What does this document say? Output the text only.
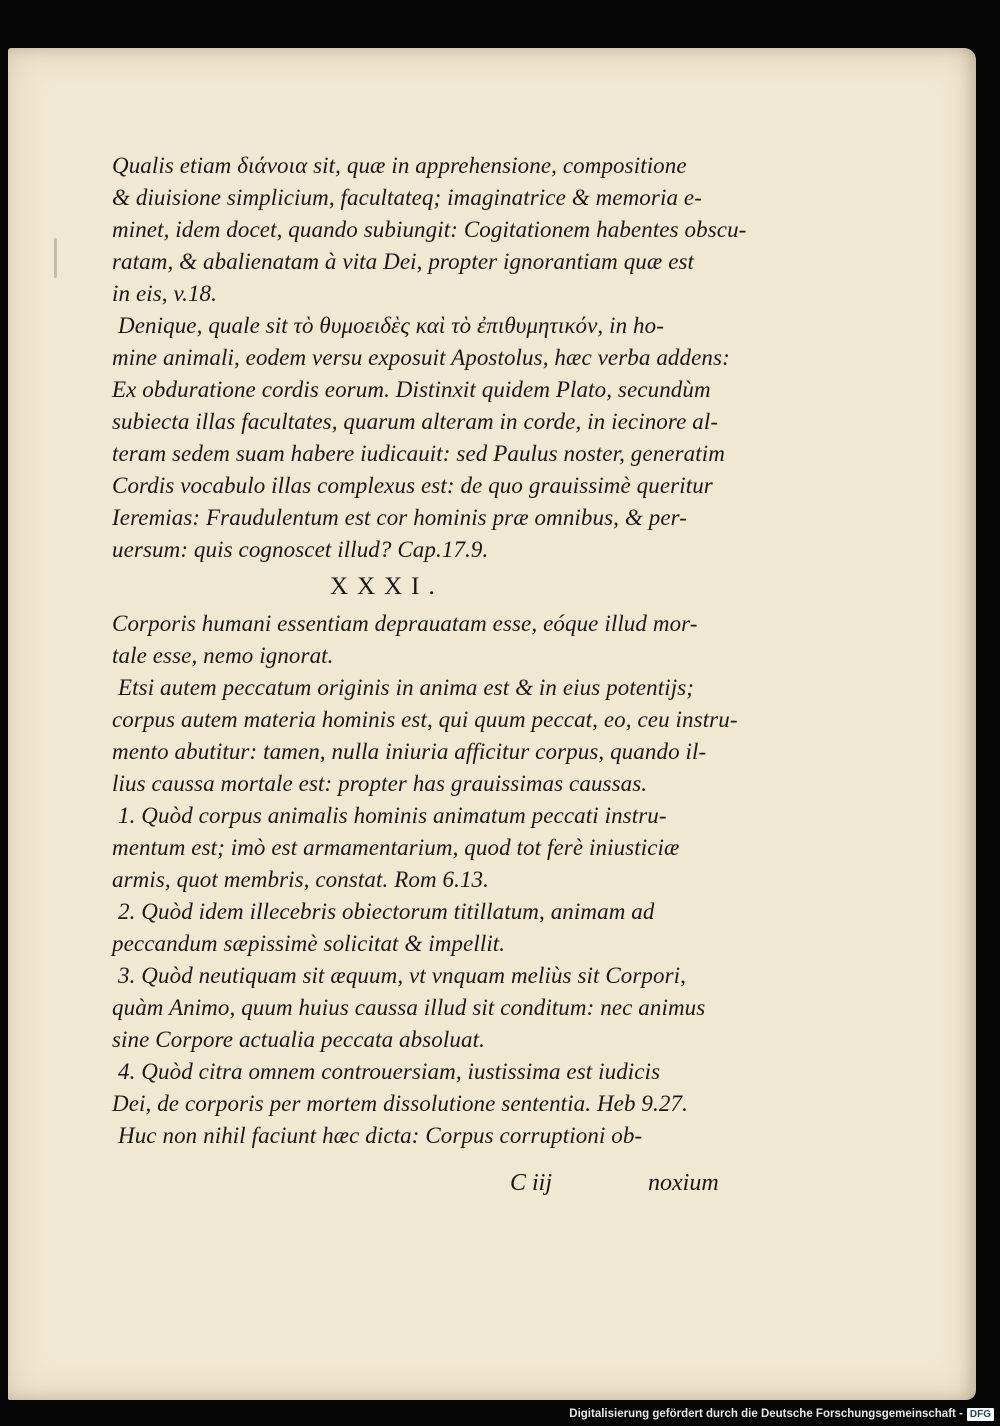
Qualis etiam διάνοια sit, quæ in apprehensione, compositione
& diuisione simplicium, facultateq; imaginatrice & memoria e-
minet, idem docet, quando subiungit: Cogitationem habentes obscu-
ratam, & abalienatam à vita Dei, propter ignorantiam quæ est
in eis, v.18.
Denique, quale sit τὸ θυμοειδὲς καὶ τὸ ἐπιθυμητικόν, in ho-
mine animali, eodem versu exposuit Apostolus, hæc verba addens:
Ex obduratione cordis eorum. Distinxit quidem Plato, secundùm
subiecta illas facultates, quarum alteram in corde, in iecinore al-
teram sedem suam habere iudicauit: sed Paulus noster, generatim
Cordis vocabulo illas complexus est: de quo grauissimè queritur
Ieremias: Fraudulentum est cor hominis præ omnibus, & per-
uersum: quis cognoscet illud? Cap.17.9.
XXXI.
Corporis humani essentiam deprauatam esse, eóque illud mor-
tale esse, nemo ignorat.
Etsi autem peccatum originis in anima est & in eius potentijs;
corpus autem materia hominis est, qui quum peccat, eo, ceu instru-
mento abutitur: tamen, nulla iniuria afficitur corpus, quando il-
lius caussa mortale est: propter has grauissimas caussas.
1. Quòd corpus animalis hominis animatum peccati instru-
mentum est; imò est armamentarium, quod tot ferè iniusticiæ
armis, quot membris, constat. Rom 6.13.
2. Quòd idem illecebris obiectorum titillatum, animam ad
peccandum sæpissimè solicitat & impellit.
3. Quòd neutiquam sit æquum, vt vnquam meliùs sit Corpori,
quàm Animo, quum huius caussa illud sit conditum: nec animus
sine Corpore actualia peccata absoluat.
4. Quòd citra omnem controuersiam, iustissima est iudicis
Dei, de corporis per mortem dissolutione sententia. Heb 9.27.
Huc non nihil faciunt hæc dicta: Corpus corruptioni ob-
C iij	noxium
Digitalisierung gefördert durch die Deutsche Forschungsgemeinschaft - DFG
